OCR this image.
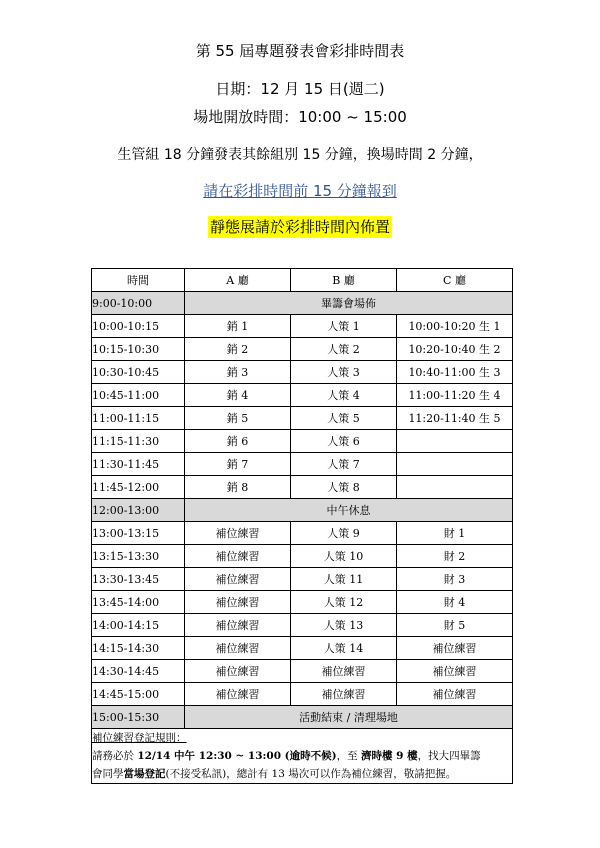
第 55 屆專題發表會彩排時間表
日期：12 月 15 日(週二)
場地開放時間：10:00 ~ 15:00
生管組 18 分鐘發表其餘組別 15 分鐘，換場時間 2 分鐘，
請在彩排時間前 15 分鐘報到
靜態展請於彩排時間內佈置
時間	A 廳	B 廳	C 廳
9:00-10:00	畢籌會場佈		
10:00-10:15	銷 1	人策 1	10:00-10:20 生 1
10:15-10:30	銷 2	人策 2	10:20-10:40 生 2
10:30-10:45	銷 3	人策 3	10:40-11:00 生 3
10:45-11:00	銷 4	人策 4	11:00-11:20 生 4
11:00-11:15	銷 5	人策 5	11:20-11:40 生 5
11:15-11:30	銷 6	人策 6	
11:30-11:45	銷 7	人策 7	
11:45-12:00	銷 8	人策 8	
12:00-13:00	中午休息		
13:00-13:15	補位練習	人策 9	財 1
13:15-13:30	補位練習	人策 10	財 2
13:30-13:45	補位練習	人策 11	財 3
13:45-14:00	補位練習	人策 12	財 4
14:00-14:15	補位練習	人策 13	財 5
14:15-14:30	補位練習	人策 14	補位練習
14:30-14:45	補位練習	補位練習	補位練習
14:45-15:00	補位練習	補位練習	補位練習
15:00-15:30	活動結束 / 清理場地		

補位練習登記規則：
請務必於 12/14 中午 12:30 ~ 13:00 (逾時不候)，至 濟時樓 9 樓，找大四畢籌
會同學當場登記(不接受私訊)，總計有 13 場次可以作為補位練習，敬請把握。			
